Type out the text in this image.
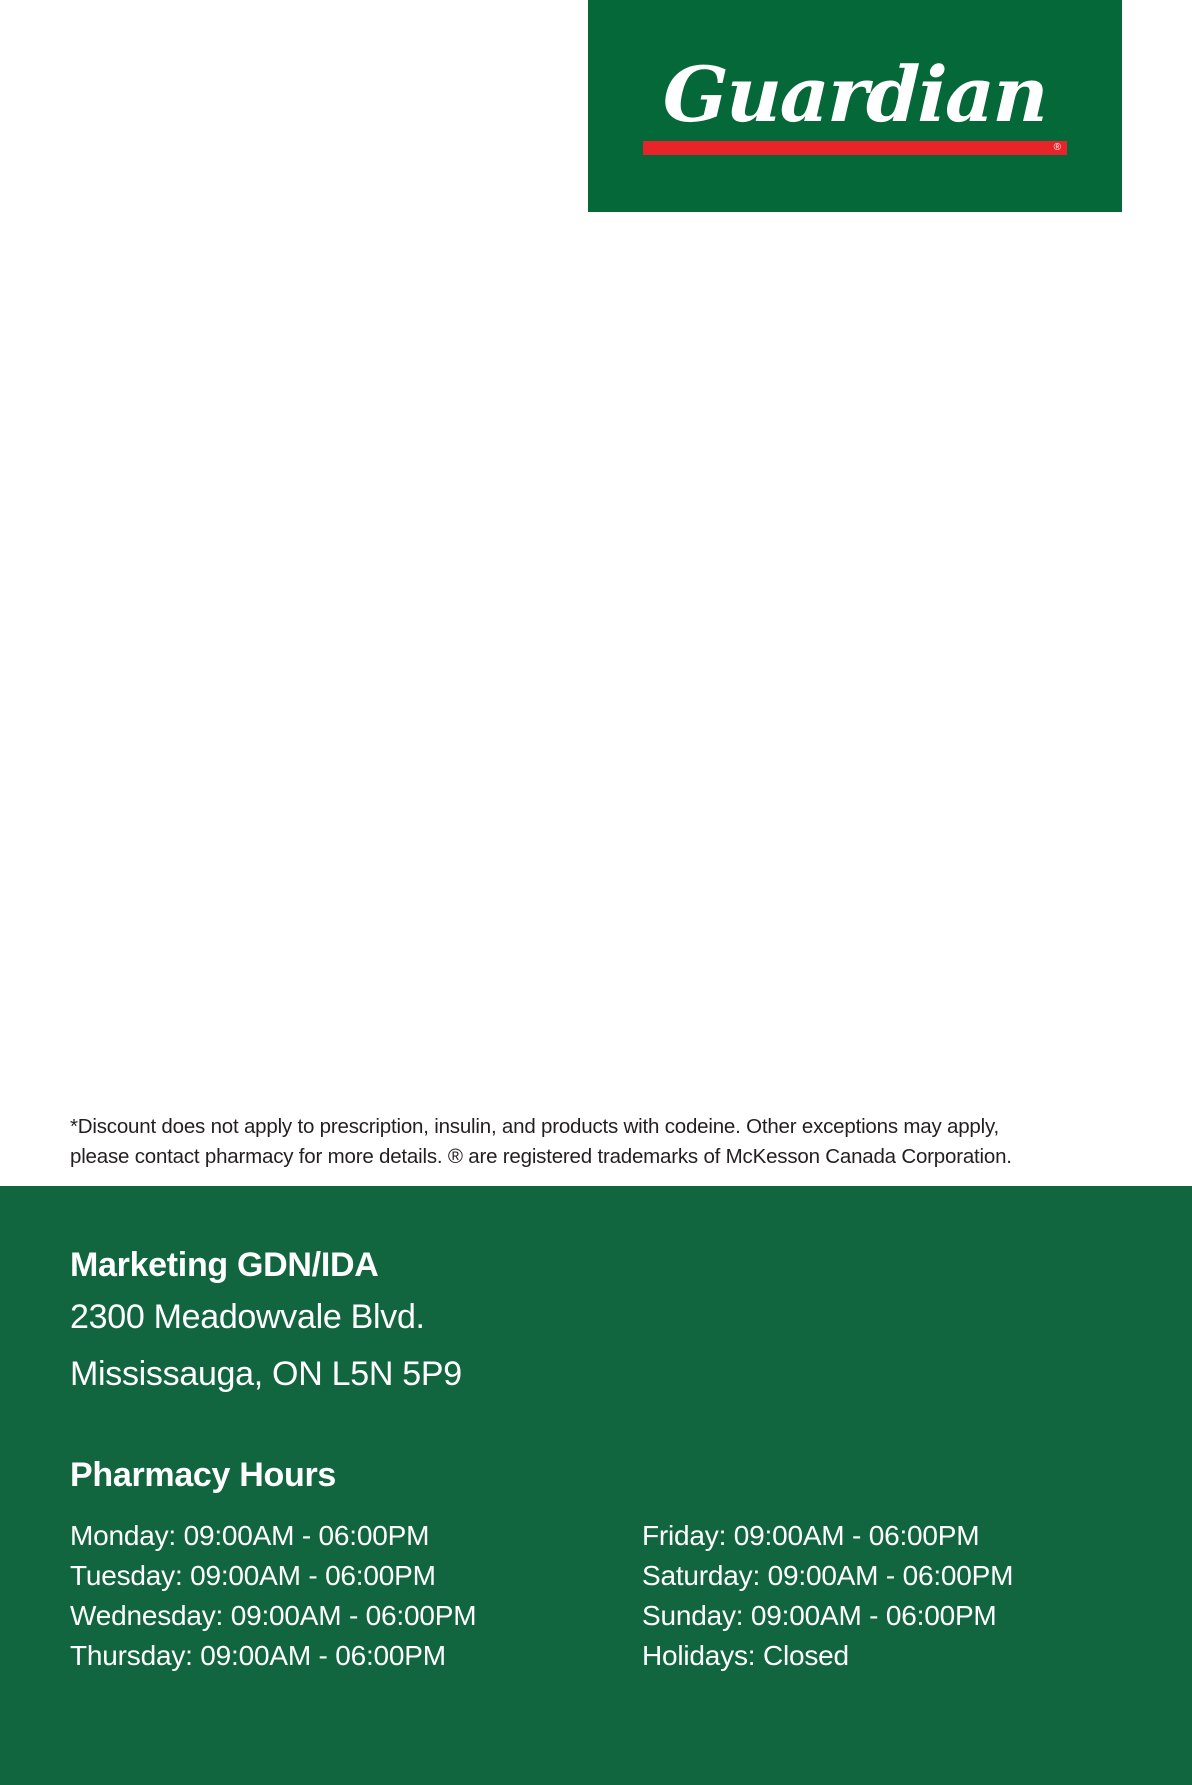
Guardian
®
*Discount does not apply to prescription, insulin, and products with codeine. Other exceptions may apply,
please contact pharmacy for more details. ® are registered trademarks of McKesson Canada Corporation.
Marketing GDN/IDA
2300 Meadowvale Blvd.
Mississauga, ON L5N 5P9
Pharmacy Hours
Monday: 09:00AM - 06:00PM
Tuesday: 09:00AM - 06:00PM
Wednesday: 09:00AM - 06:00PM
Thursday: 09:00AM - 06:00PM
Friday: 09:00AM - 06:00PM
Saturday: 09:00AM - 06:00PM
Sunday: 09:00AM - 06:00PM
Holidays: Closed
